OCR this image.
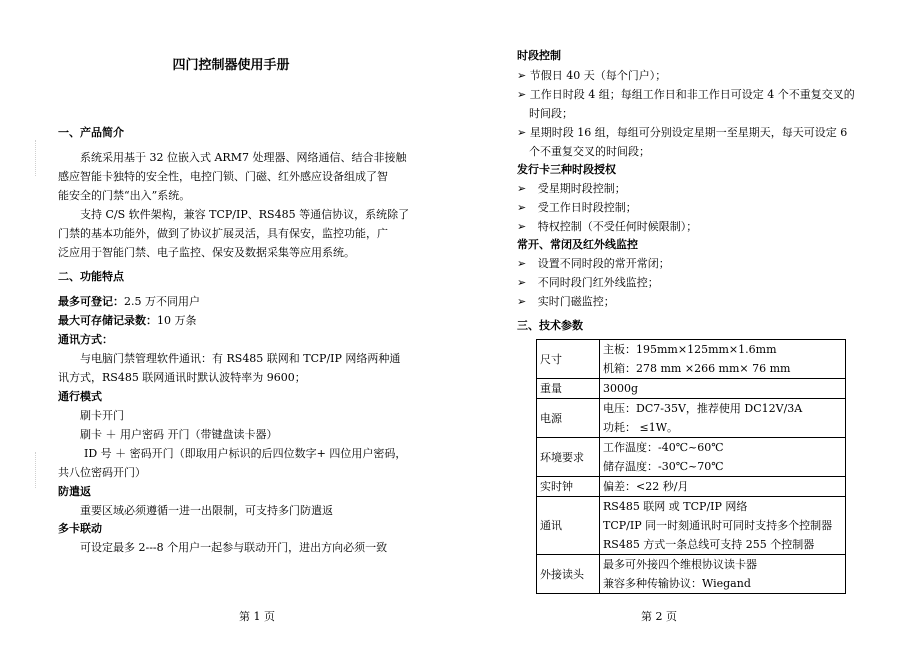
四门控制器使用手册
一、产品简介
系统采用基于 32 位嵌入式 ARM7 处理器、网络通信、结合非接触
感应智能卡独特的安全性，电控门锁、门磁、红外感应设备组成了智
能安全的门禁“出入”系统。
支持 C/S 软件架构，兼容 TCP/IP、RS485 等通信协议，系统除了
门禁的基本功能外，做到了协议扩展灵活，具有保安，监控功能，广
泛应用于智能门禁、电子监控、保安及数据采集等应用系统。
二、功能特点
最多可登记：2.5 万不同用户
最大可存储记录数：10 万条
通讯方式：
与电脑门禁管理软件通讯：有 RS485 联网和 TCP/IP 网络两种通
讯方式，RS485 联网通讯时默认波特率为 9600；
通行模式
刷卡开门
刷卡 ＋ 用户密码 开门（带键盘读卡器）
ID 号 ＋ 密码开门（即取用户标识的后四位数字+ 四位用户密码，
共八位密码开门）
防遣返
重要区域必须遵循一进一出限制，可支持多门防遣返
多卡联动
可设定最多 2---8 个用户一起参与联动开门，进出方向必须一致
第 1 页
时段控制
➢ 节假日 40 天（每个门户）；
➢ 工作日时段 4 组；每组工作日和非工作日可设定 4 个不重复交叉的
时间段；
➢ 星期时段 16 组，每组可分别设定星期一至星期天，每天可设定 6
个不重复交叉的时间段；
发行卡三种时段授权
➢ 受星期时段控制；
➢ 受工作日时段控制；
➢ 特权控制（不受任何时候限制）；
常开、常闭及红外线监控
➢ 设置不同时段的常开常闭；
➢ 不同时段门红外线监控；
➢ 实时门磁监控；
三、技术参数
尺寸	主板：195mm×125mm×1.6mm
机箱：278 mm ×266 mm× 76 mm

重量	3000g

电源	电压：DC7-35V，推荐使用 DC12V/3A
功耗： ≤1W。

环境要求	工作温度：-40℃~60℃
储存温度：-30℃~70℃

实时钟	偏差：<22 秒/月

通讯	RS485 联网 或 TCP/IP 网络
TCP/IP 同一时刻通讯时可同时支持多个控制器
RS485 方式一条总线可支持 255 个控制器

外接读头	最多可外接四个维根协议读卡器
兼容多种传输协议：Wiegand
第 2 页
